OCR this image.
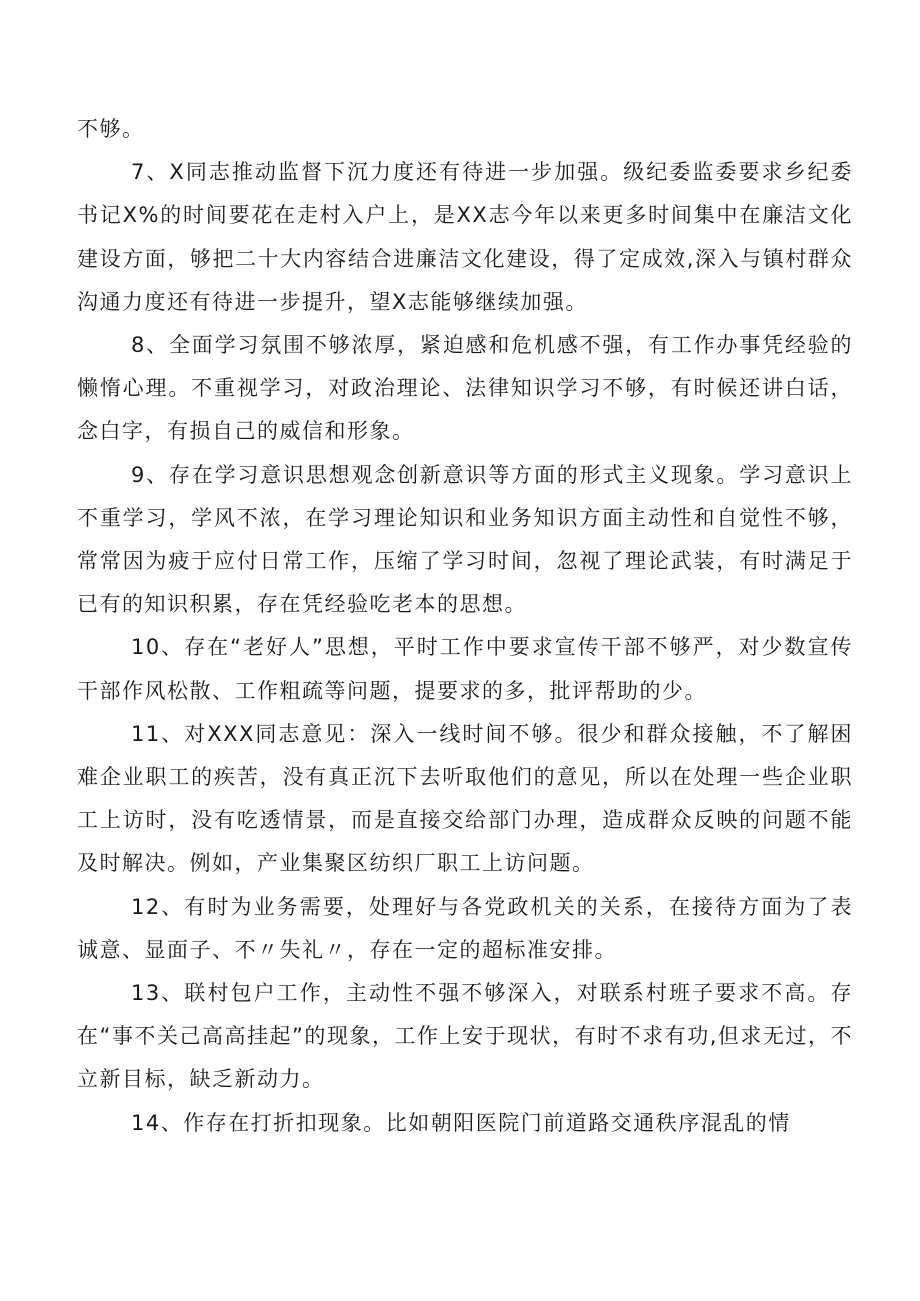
不够。

7、X同志推动监督下沉力度还有待进一步加强。级纪委监委要求乡纪委书记X%的时间要花在走村入户上，是XX志今年以来更多时间集中在廉洁文化建设方面，够把二十大内容结合进廉洁文化建设，得了定成效,深入与镇村群众沟通力度还有待进一步提升，望X志能够继续加强。

8、全面学习氛围不够浓厚，紧迫感和危机感不强，有工作办事凭经验的懒惰心理。不重视学习，对政治理论、法律知识学习不够，有时候还讲白话，念白字，有损自己的威信和形象。

9、存在学习意识思想观念创新意识等方面的形式主义现象。学习意识上不重学习，学风不浓，在学习理论知识和业务知识方面主动性和自觉性不够，常常因为疲于应付日常工作，压缩了学习时间，忽视了理论武装，有时满足于已有的知识积累，存在凭经验吃老本的思想。

10、存在“老好人”思想，平时工作中要求宣传干部不够严，对少数宣传干部作风松散、工作粗疏等问题，提要求的多，批评帮助的少。

11、对XXX同志意见：深入一线时间不够。很少和群众接触，不了解困难企业职工的疾苦，没有真正沉下去听取他们的意见，所以在处理一些企业职工上访时，没有吃透情景，而是直接交给部门办理，造成群众反映的问题不能及时解决。例如，产业集聚区纺织厂职工上访问题。

12、有时为业务需要，处理好与各党政机关的关系，在接待方面为了表诚意、显面子、不〃失礼〃，存在一定的超标准安排。

13、联村包户工作，主动性不强不够深入，对联系村班子要求不高。存在“事不关己高高挂起”的现象，工作上安于现状，有时不求有功,但求无过，不立新目标，缺乏新动力。

14、作存在打折扣现象。比如朝阳医院门前道路交通秩序混乱的情
